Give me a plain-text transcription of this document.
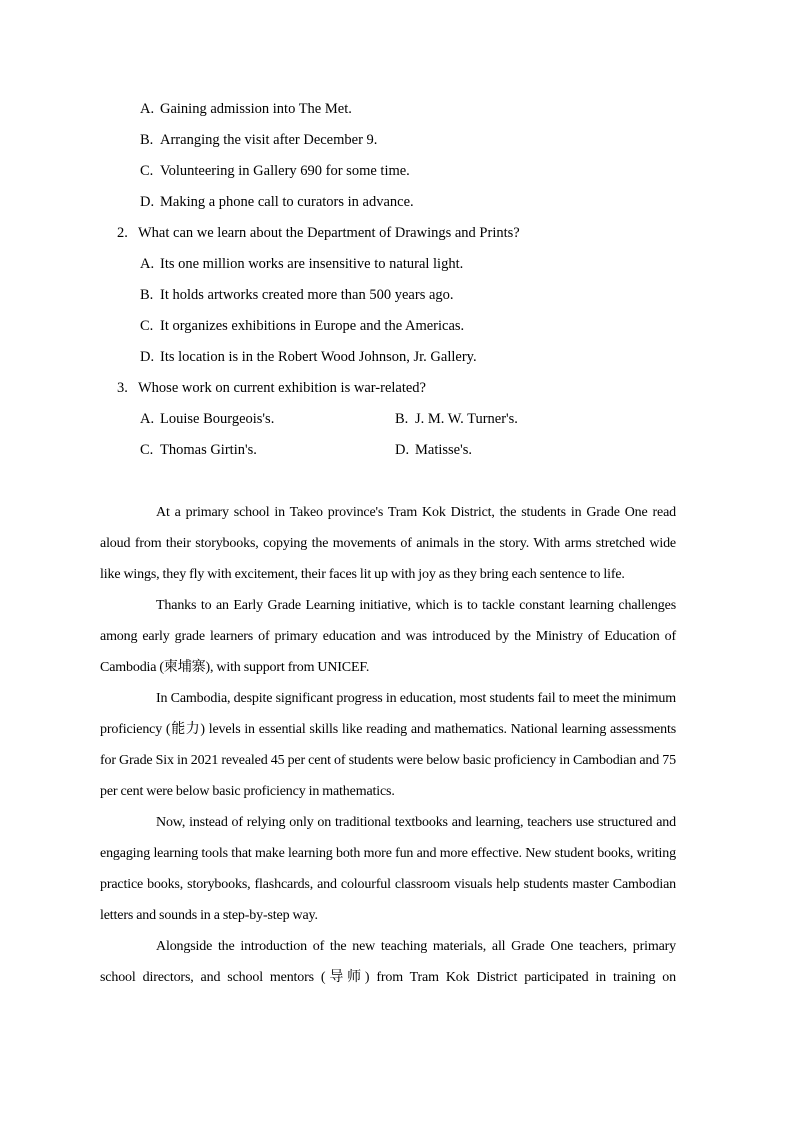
A. Gaining admission into The Met.
B. Arranging the visit after December 9.
C. Volunteering in Gallery 690 for some time.
D. Making a phone call to curators in advance.
2. What can we learn about the Department of Drawings and Prints?
A. Its one million works are insensitive to natural light.
B. It holds artworks created more than 500 years ago.
C. It organizes exhibitions in Europe and the Americas.
D. Its location is in the Robert Wood Johnson, Jr. Gallery.
3. Whose work on current exhibition is war-related?
A. Louise Bourgeois's.	B. J. M. W. Turner's.
C. Thomas Girtin's.	D. Matisse's.

At a primary school in Takeo province's Tram Kok District, the students in Grade One read aloud from their storybooks, copying the movements of animals in the story. With arms stretched wide like wings, they fly with excitement, their faces lit up with joy as they bring each sentence to life.

Thanks to an Early Grade Learning initiative, which is to tackle constant learning challenges among early grade learners of primary education and was introduced by the Ministry of Education of Cambodia (柬埔寨), with support from UNICEF.

In Cambodia, despite significant progress in education, most students fail to meet the minimum proficiency (能力) levels in essential skills like reading and mathematics. National learning assessments for Grade Six in 2021 revealed 45 per cent of students were below basic proficiency in Cambodian and 75 per cent were below basic proficiency in mathematics.

Now, instead of relying only on traditional textbooks and learning, teachers use structured and engaging learning tools that make learning both more fun and more effective. New student books, writing practice books, storybooks, flashcards, and colourful classroom visuals help students master Cambodian letters and sounds in a step-by-step way.

Alongside the introduction of the new teaching materials, all Grade One teachers, primary school directors, and school mentors (导师) from Tram Kok District participated in training on
